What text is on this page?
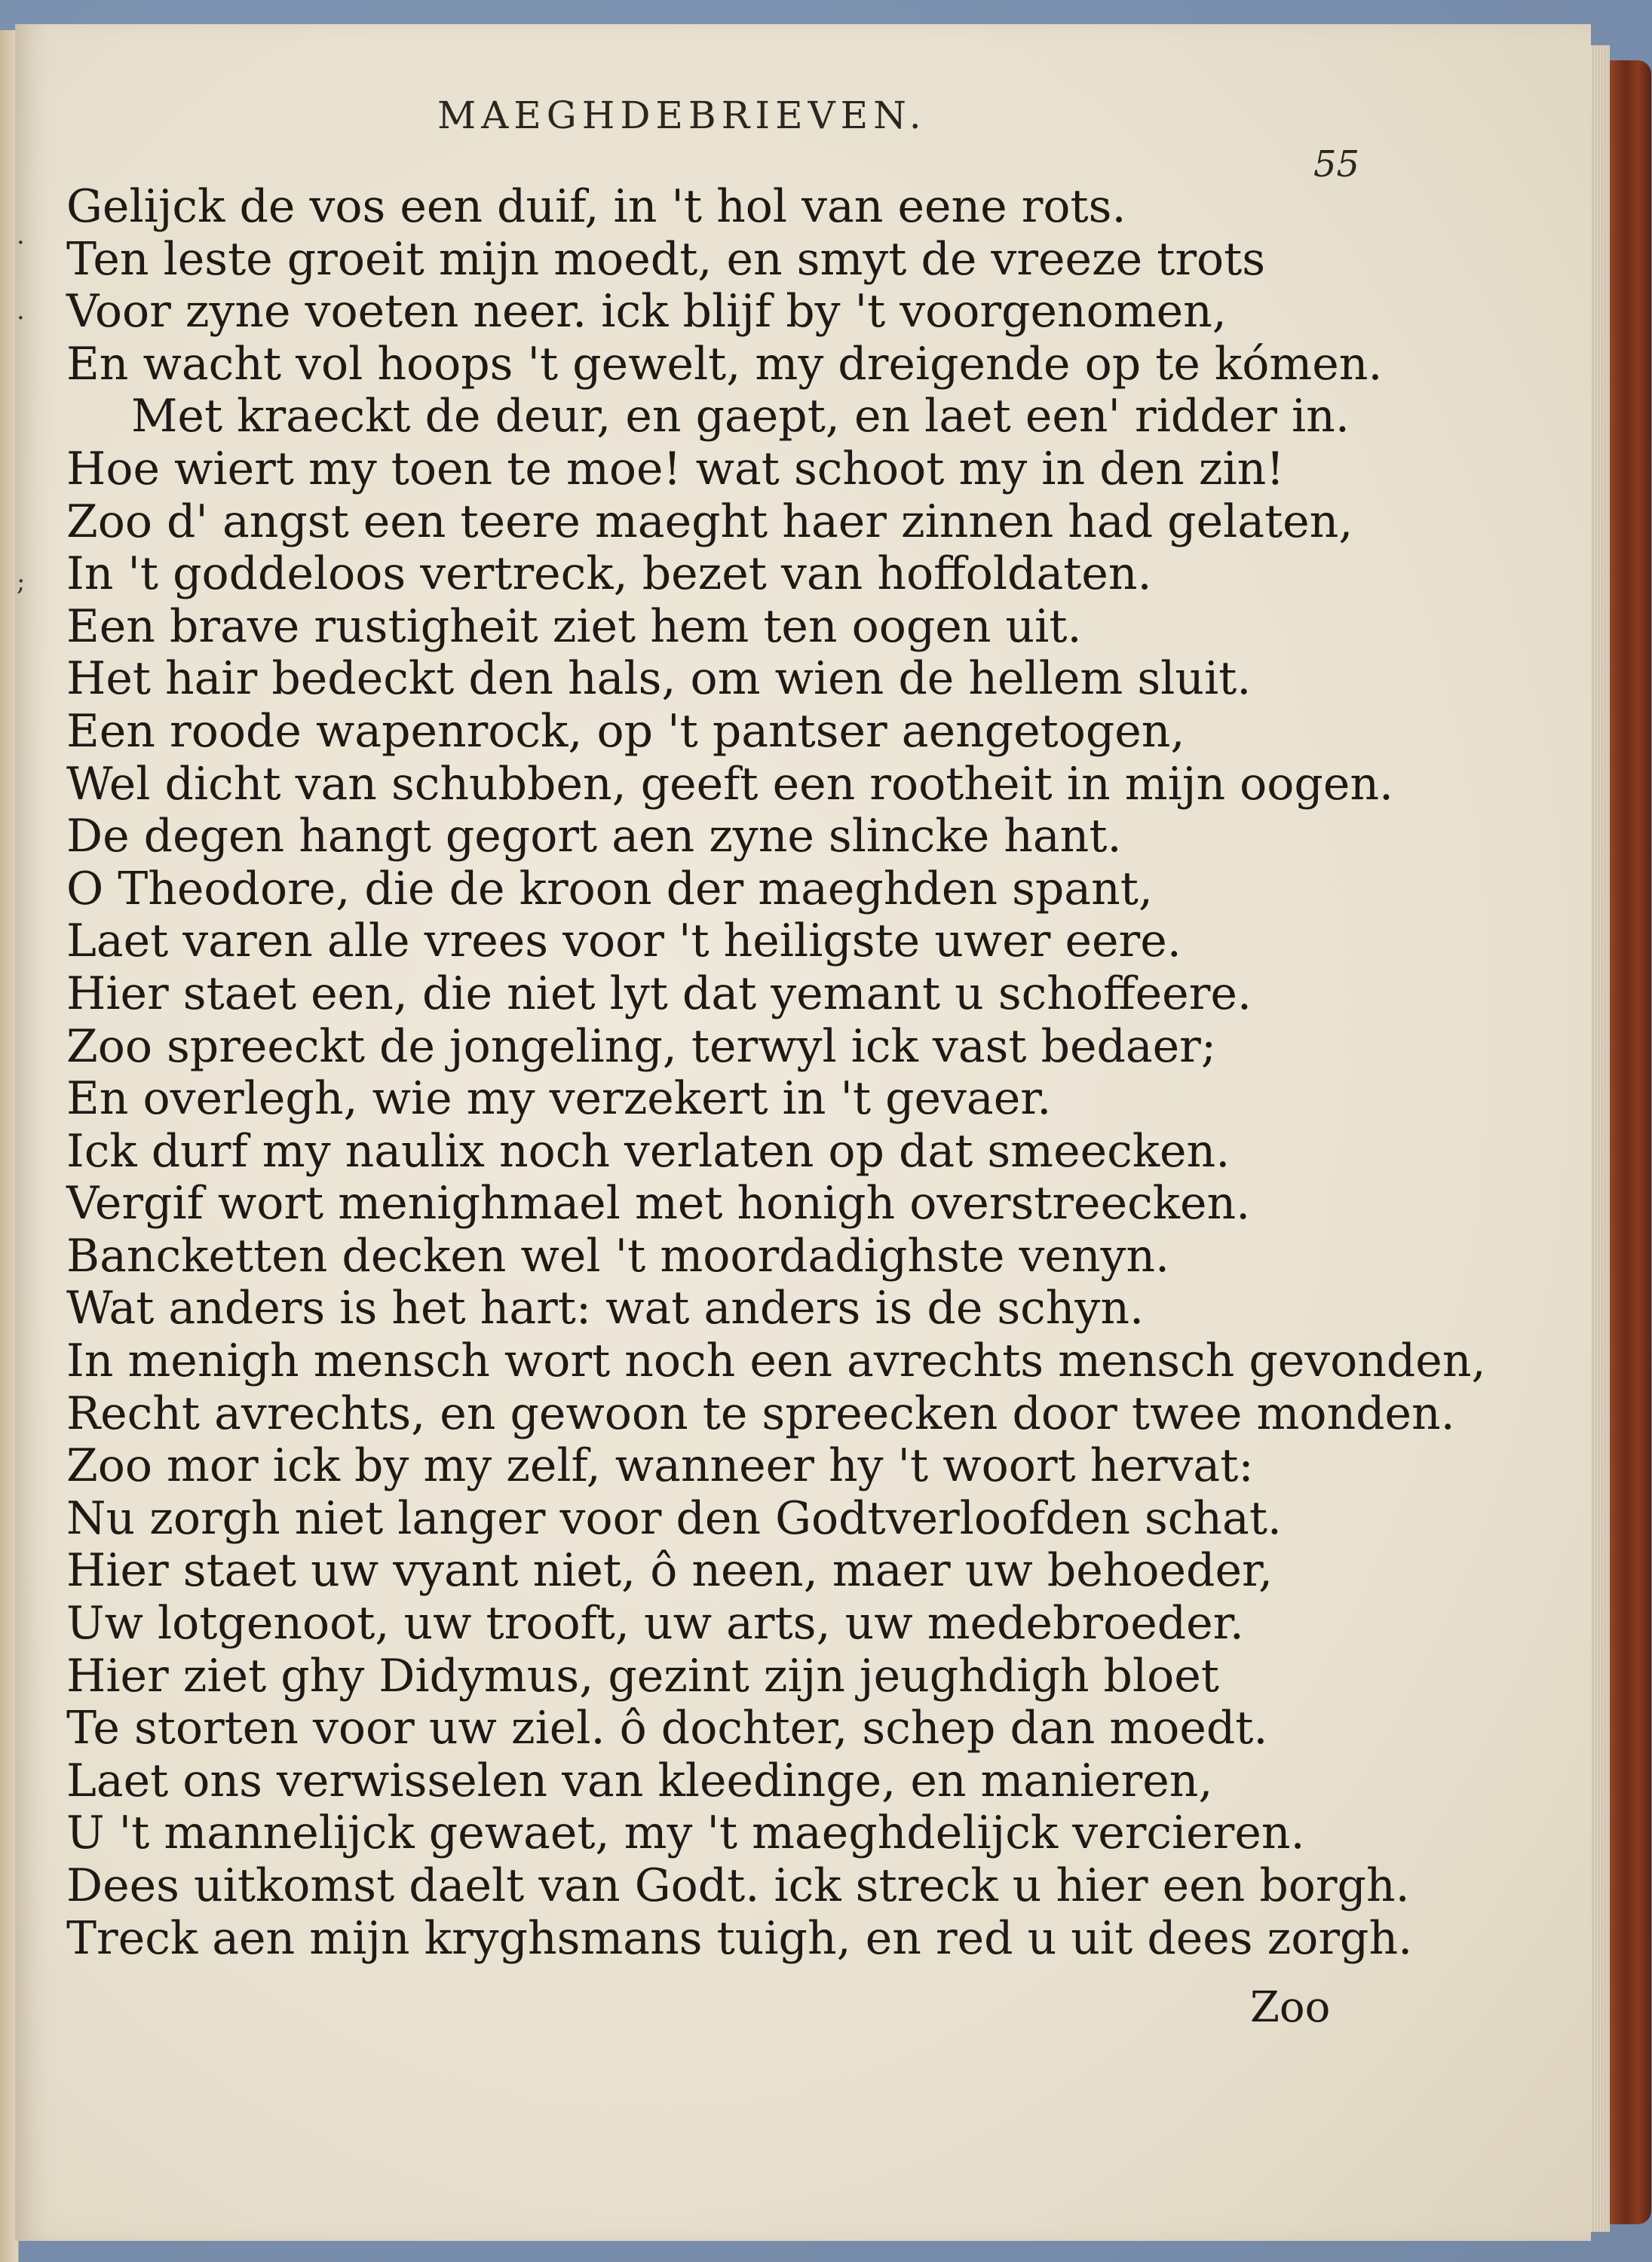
MAEGHDEBRIEVEN.
55
Gelijck de vos een duif, in 't hol van eene rots.
Ten leste groeit mijn moedt, en smyt de vreeze trots
Voor zyne voeten neer. ick blijf by 't voorgenomen,
En wacht vol hoops 't gewelt, my dreigende op te kómen.
Met kraeckt de deur, en gaept, en laet een' ridder in.
Hoe wiert my toen te moe! wat schoot my in den zin!
Zoo d' angst een teere maeght haer zinnen had gelaten,
In 't goddeloos vertreck, bezet van hoffoldaten.
Een brave rustigheit ziet hem ten oogen uit.
Het hair bedeckt den hals, om wien de hellem sluit.
Een roode wapenrock, op 't pantser aengetogen,
Wel dicht van schubben, geeft een rootheit in mijn oogen.
De degen hangt gegort aen zyne slincke hant.
O Theodore, die de kroon der maeghden spant,
Laet varen alle vrees voor 't heiligste uwer eere.
Hier staet een, die niet lyt dat yemant u schoffeere.
Zoo spreeckt de jongeling, terwyl ick vast bedaer;
En overlegh, wie my verzekert in 't gevaer.
Ick durf my naulix noch verlaten op dat smeecken.
Vergif wort menighmael met honigh overstreecken.
Bancketten decken wel 't moordadighste venyn.
Wat anders is het hart: wat anders is de schyn.
In menigh mensch wort noch een avrechts mensch gevonden,
Recht avrechts, en gewoon te spreecken door twee monden.
Zoo mor ick by my zelf, wanneer hy 't woort hervat:
Nu zorgh niet langer voor den Godtverloofden schat.
Hier staet uw vyant niet, ô neen, maer uw behoeder,
Uw lotgenoot, uw trooft, uw arts, uw medebroeder.
Hier ziet ghy Didymus, gezint zijn jeughdigh bloet
Te storten voor uw ziel. ô dochter, schep dan moedt.
Laet ons verwisselen van kleedinge, en manieren,
U 't mannelijck gewaet, my 't maeghdelijck vercieren.
Dees uitkomst daelt van Godt. ick streck u hier een borgh.
Treck aen mijn kryghsmans tuigh, en red u uit dees zorgh.
Zoo
·
·
;
